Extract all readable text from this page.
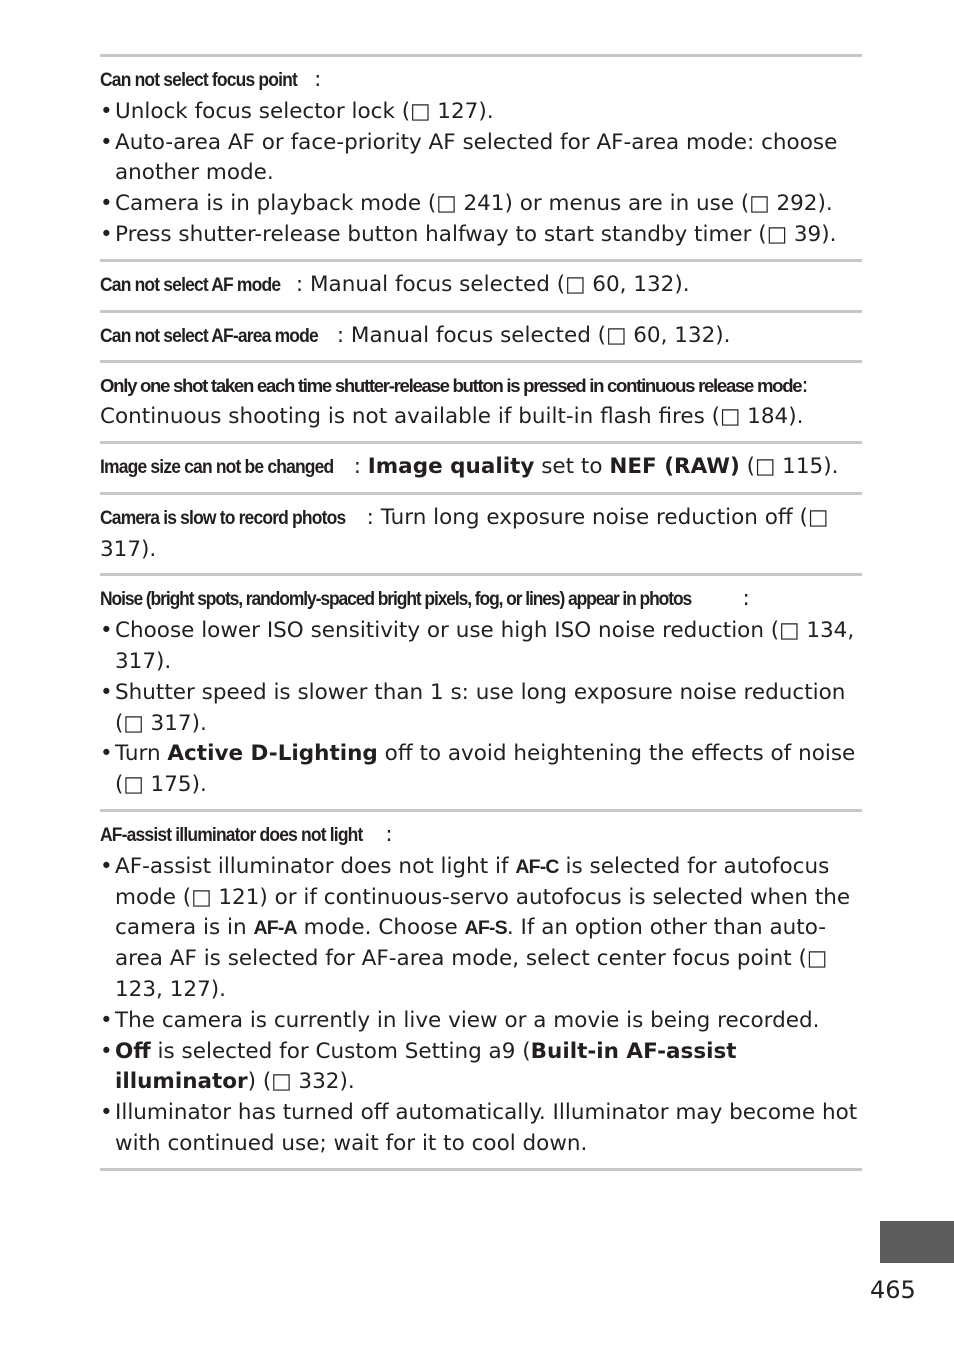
Can not select focus point :

• Unlock focus selector lock (□ 127).
• Auto-area AF or face-priority AF selected for AF-area mode: choose another mode.
• Camera is in playback mode (□ 241) or menus are in use (□ 292).
• Press shutter-release button halfway to start standby timer (□ 39).

Can not select AF mode : Manual focus selected (□ 60, 132).

Can not select AF-area mode : Manual focus selected (□ 60, 132).

Only one shot taken each time shutter-release button is pressed in continuous release mode: Continuous shooting is not available if built-in flash fires (□ 184).

Image size can not be changed : Image quality set to NEF (RAW) (□ 115).

Camera is slow to record photos : Turn long exposure noise reduction off (□ 317).

Noise (bright spots, randomly-spaced bright pixels, fog, or lines) appear in photos :

• Choose lower ISO sensitivity or use high ISO noise reduction (□ 134, 317).
• Shutter speed is slower than 1 s: use long exposure noise reduction (□ 317).
• Turn Active D-Lighting off to avoid heightening the effects of noise (□ 175).

AF-assist illuminator does not light :

• AF-assist illuminator does not light if AF-C is selected for autofocus mode (□ 121) or if continuous-servo autofocus is selected when the camera is in AF-A mode. Choose AF-S. If an option other than auto-area AF is selected for AF-area mode, select center focus point (□ 123, 127).
• The camera is currently in live view or a movie is being recorded.
• Off is selected for Custom Setting a9 (Built-in AF-assist illuminator) (□ 332).
• Illuminator has turned off automatically. Illuminator may become hot with continued use; wait for it to cool down.
465
